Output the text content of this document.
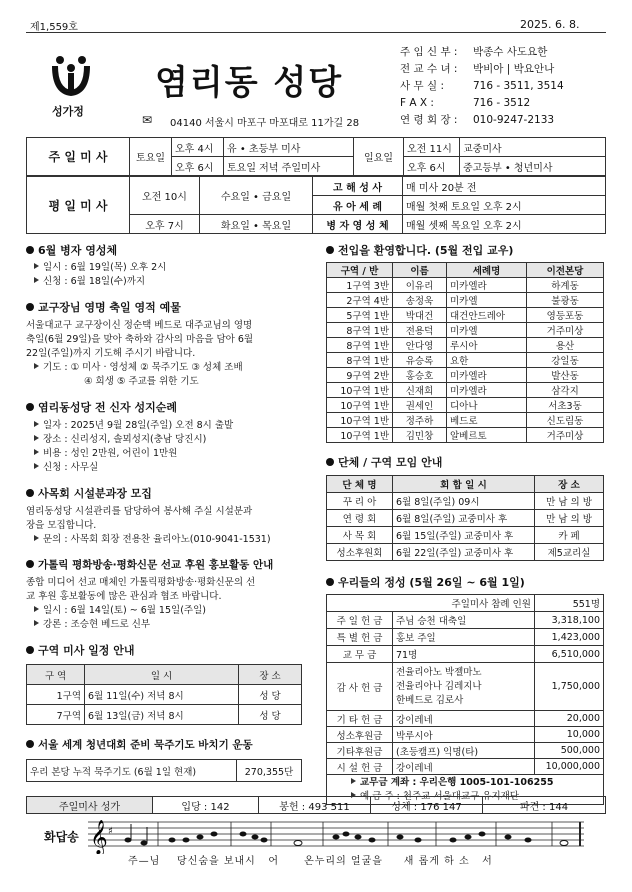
제1,559호	2025. 6. 8.
성가정
염리동 성당
✉ 04140 서울시 마포구 마포대로 11가길 28
주 임 신 부 : 박종수 사도요한
전 교 수 녀 : 박비아 | 박요안나
사 무 실 :	716 - 3511, 3514
F A X :	716 - 3512
연 령 회 장 : 010-9247-2133
주 일 미 사	토요일	오후 4시	유 • 초등부 미사	일요일	오전 11시	교중미사
		오후 6시	토요일 저녁 주일미사		오후 6시	중고등부 • 청년미사
평 일 미 사	오전 10시	수요일 • 금요일	고 해 성 사	매 미사 20분 전
			유 아 세 례	매월 첫째 토요일 오후 2시
	오후 7시	화요일 • 목요일	병 자 영 성 체	매월 셋째 목요일 오후 2시
6월 병자 영성체
일시 : 6월 19일(목) 오후 2시
신청 : 6월 18일(수)까지
교구장님 영명 축일 영적 예물
서울대교구 교구장이신 정순택 베드로 대주교님의 영명
축일(6월 29일)을 맞아 축하와 감사의 마음을 담아 6월
22일(주일)까지 기도해 주시기 바랍니다.
기도 : ① 미사 · 영성체 ② 묵주기도 ③ 성체 조배
④ 희생 ⑤ 주교를 위한 기도
염리동성당 전 신자 성지순례
일자 : 2025년 9월 28일(주일) 오전 8시 출발
장소 : 신리성지, 솔뫼성지(충남 당진시)
비용 : 성인 2만원, 어린이 1만원
신청 : 사무실
사목회 시설분과장 모집
염리동성당 시설관리를 담당하여 봉사해 주실 시설분과
장을 모집합니다.
문의 : 사목회 회장 전용찬 율리아노(010-9041-1531)
가톨릭 평화방송·평화신문 선교 후원 홍보활동 안내
종합 미디어 선교 매체인 가톨릭평화방송·평화신문의 선
교 후원 홍보활동에 많은 관심과 협조 바랍니다.
일시 : 6월 14일(토) ~ 6월 15일(주일)
강론 : 조승현 베드로 신부
구역 미사 일정 안내
구 역	일 시	장 소
1구역	6월 11일(수) 저녁 8시	성 당
7구역	6월 13일(금) 저녁 8시	성 당
서울 세계 청년대회 준비 묵주기도 바치기 운동
우리 본당 누적 묵주기도 (6월 1일 현재)	270,355단
전입을 환영합니다. (5월 전입 교우)
구역 / 반	이름	세례명	이전본당
1구역 3반	이유리	미카엘라	하계동
2구역 4반	송정욱	미카엘	불광동
5구역 1반	박대건	대건안드레아	영등포동
8구역 1반	전용덕	미카엘	거주미상
8구역 1반	안다영	루시아	용산
8구역 1반	유승록	요한	강일동
9구역 2반	홍승호	미카엘라	발산동
10구역 1반	신재희	미카엘라	삼각지
10구역 1반	권세인	디아나	서초3동
10구역 1반	정주하	베드로	신도림동
10구역 1반	김민창	알베르토	거주미상
단체 / 구역 모임 안내
단 체 명	회 합 일 시	장 소
꾸 리 아	6월 8일(주일) 09시	만 남 의 방
연 령 회	6월 8일(주일) 교중미사 후	만 남 의 방
사 목 회	6월 15일(주일) 교중미사 후	카 페
성소후원회	6월 22일(주일) 교중미사 후	제5교리실
우리들의 정성 (5월 26일 ~ 6월 1일)
주일미사 참례 인원		551명
주 일 헌 금	주님 승천 대축일	3,318,100
특 별 헌 금	홍보 주일	1,423,000
교 무 금	71명	6,510,000
감 사 헌 금	전율리아노 박젤마노
전율리아나 김레지나
한베드로 김로사	1,750,000
기 타 헌 금	강이레네	20,000
성소후원금	박루시아	10,000
기타후원금	(초등캠프) 익명(타)	500,000
시 설 헌 금	강이레네	10,000,000

교무금 계좌 : 우리은행 1005-101-106255
예 금 주 : 천주교 서울대교구 유지재단		
주일미사 성가	입당 : 142	봉헌 : 493 511	성체 : 176 147	파견 : 144
화답송 𝄞 ♯
주—님    당신숨을 보내시   어      온누리의 얼굴을     새 롭게 하 소   서
